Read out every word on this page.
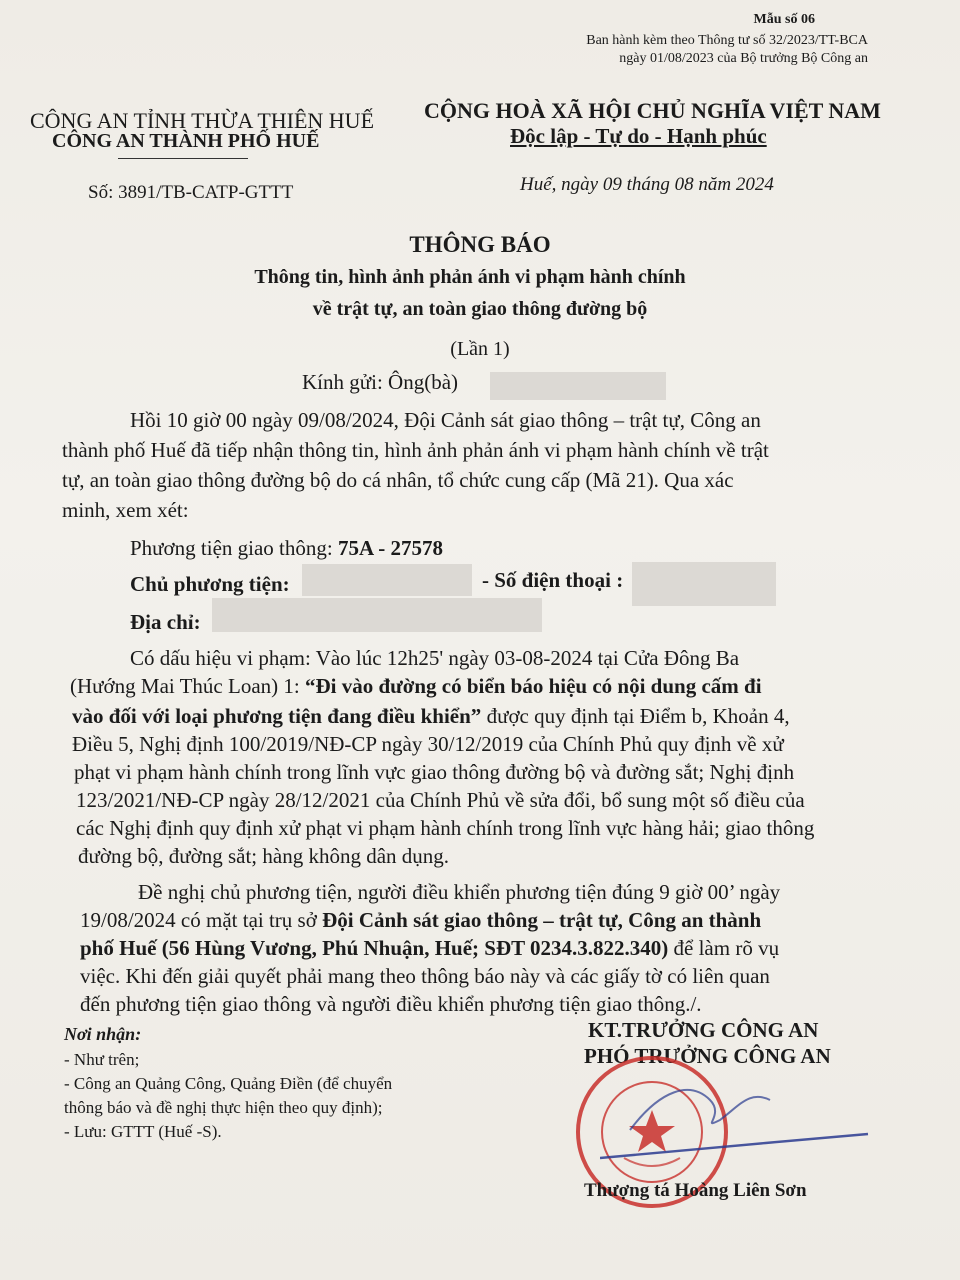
Mẫu số 06
Ban hành kèm theo Thông tư số 32/2023/TT-BCA
ngày 01/08/2023 của Bộ trưởng Bộ Công an
CÔNG AN TỈNH THỪA THIÊN HUẾ
CÔNG AN THÀNH PHỐ HUẾ
CỘNG HOÀ XÃ HỘI CHỦ NGHĨA VIỆT NAM
Độc lập - Tự do - Hạnh phúc
Số: 3891/TB-CATP-GTTT	Huế, ngày 09 tháng 08 năm 2024
THÔNG BÁO
Thông tin, hình ảnh phản ánh vi phạm hành chính
về trật tự, an toàn giao thông đường bộ
(Lần 1)
Kính gửi: Ông(bà)
Hồi 10 giờ 00 ngày 09/08/2024, Đội Cảnh sát giao thông – trật tự, Công an
thành phố Huế đã tiếp nhận thông tin, hình ảnh phản ánh vi phạm hành chính về trật
tự, an toàn giao thông đường bộ do cá nhân, tổ chức cung cấp (Mã 21). Qua xác
minh, xem xét:
Phương tiện giao thông: 75A - 27578
Chủ phương tiện:	- Số điện thoại :
Địa chỉ:
Có dấu hiệu vi phạm: Vào lúc 12h25' ngày 03-08-2024 tại Cửa Đông Ba
(Hướng Mai Thúc Loan) 1: “Đi vào đường có biển báo hiệu có nội dung cấm đi
vào đối với loại phương tiện đang điều khiển” được quy định tại Điểm b, Khoản 4,
Điều 5, Nghị định 100/2019/NĐ-CP ngày 30/12/2019 của Chính Phủ quy định về xử
phạt vi phạm hành chính trong lĩnh vực giao thông đường bộ và đường sắt; Nghị định
123/2021/NĐ-CP ngày 28/12/2021 của Chính Phủ về sửa đổi, bổ sung một số điều của
các Nghị định quy định xử phạt vi phạm hành chính trong lĩnh vực hàng hải; giao thông
đường bộ, đường sắt; hàng không dân dụng.
Đề nghị chủ phương tiện, người điều khiển phương tiện đúng 9 giờ 00’ ngày
19/08/2024 có mặt tại trụ sở Đội Cảnh sát giao thông – trật tự, Công an thành
phố Huế (56 Hùng Vương, Phú Nhuận, Huế; SĐT 0234.3.822.340) để làm rõ vụ
việc. Khi đến giải quyết phải mang theo thông báo này và các giấy tờ có liên quan
đến phương tiện giao thông và người điều khiển phương tiện giao thông./.
Nơi nhận:
- Như trên;
- Công an Quảng Công, Quảng Điền (để chuyển
thông báo và đề nghị thực hiện theo quy định);
- Lưu: GTTT (Huế -S).
KT.TRƯỞNG CÔNG AN
PHÓ TRƯỞNG CÔNG AN
Thượng tá Hoàng Liên Sơn
